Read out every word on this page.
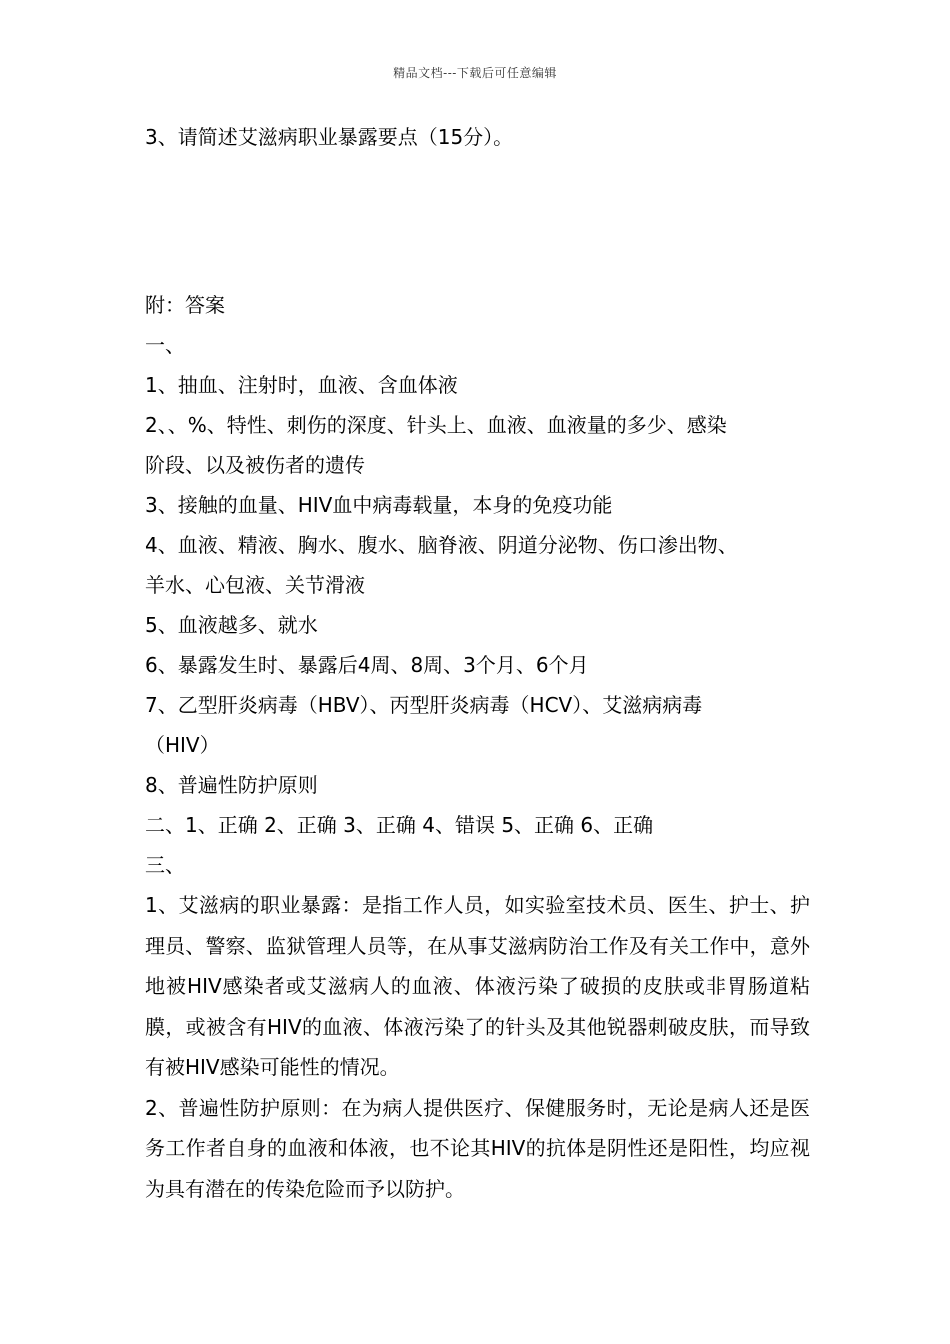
精品文档---下载后可任意编辑
3、请简述艾滋病职业暴露要点（15分）。
附：答案
一、
1、抽血、注射时，血液、含血体液
2、、%、特性、刺伤的深度、针头上、血液、血液量的多少、感染
阶段、以及被伤者的遗传
3、接触的血量、HIV血中病毒载量，本身的免疫功能
4、血液、精液、胸水、腹水、脑脊液、阴道分泌物、伤口渗出物、
羊水、心包液、关节滑液
5、血液越多、就水
6、暴露发生时、暴露后4周、8周、3个月、6个月
7、乙型肝炎病毒（HBV）、丙型肝炎病毒（HCV）、艾滋病病毒
（HIV）
8、普遍性防护原则
二、1、正确 2、正确 3、正确 4、错误 5、正确 6、正确
三、
1、艾滋病的职业暴露：是指工作人员，如实验室技术员、医生、护士、护理员、警察、监狱管理人员等，在从事艾滋病防治工作及有关工作中，意外地被HIV感染者或艾滋病人的血液、体液污染了破损的皮肤或非胃肠道粘膜，或被含有HIV的血液、体液污染了的针头及其他锐器刺破皮肤，而导致有被HIV感染可能性的情况。
2、普遍性防护原则：在为病人提供医疗、保健服务时，无论是病人还是医务工作者自身的血液和体液，也不论其HIV的抗体是阴性还是阳性，均应视为具有潜在的传染危险而予以防护。
